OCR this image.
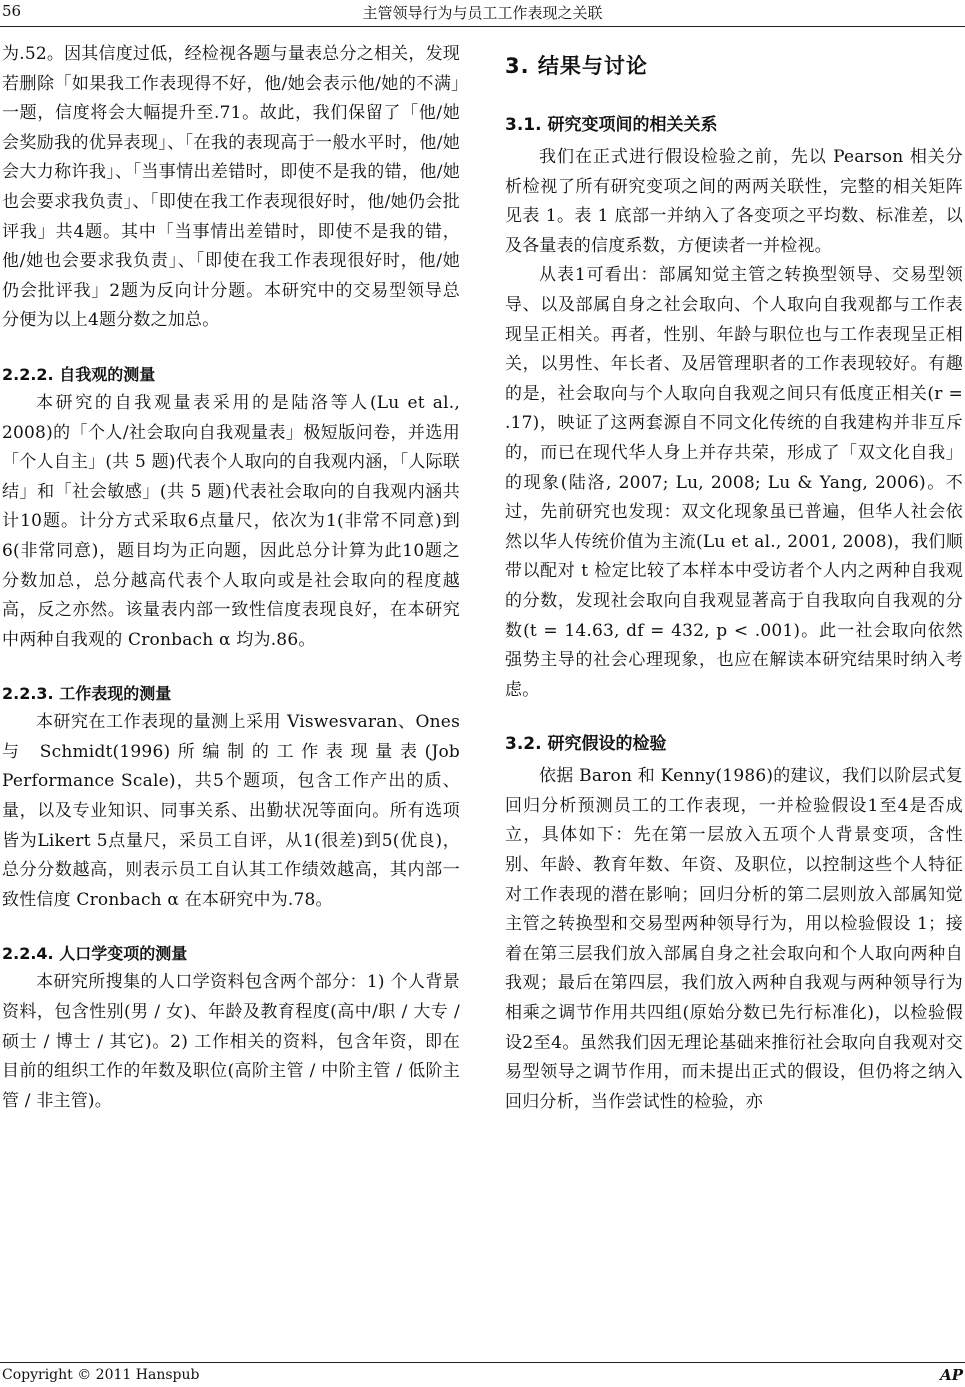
56	主管领导行为与员工工作表现之关联

为.52。因其信度过低，经检视各题与量表总分之相关，发现若删除「如果我工作表现得不好，他/她会表示他/她的不满」一题，信度将会大幅提升至.71。故此，我们保留了「他/她会奖励我的优异表现」、「在我的表现高于一般水平时，他/她会大力称许我」、「当事情出差错时，即使不是我的错，他/她也会要求我负责」、「即使在我工作表现很好时，他/她仍会批评我」共4题。其中「当事情出差错时，即使不是我的错，他/她也会要求我负责」、「即使在我工作表现很好时，他/她仍会批评我」2题为反向计分题。本研究中的交易型领导总分便为以上4题分数之加总。

2.2.2. 自我观的测量

本研究的自我观量表采用的是陆洛等人(Lu et al., 2008)的「个人/社会取向自我观量表」极短版问卷，并选用「个人自主」(共 5 题)代表个人取向的自我观内涵，「人际联结」和「社会敏感」(共 5 题)代表社会取向的自我观内涵共计10题。计分方式采取6点量尺，依次为1(非常不同意)到 6(非常同意)，题目均为正向题，因此总分计算为此10题之分数加总，总分越高代表个人取向或是社会取向的程度越高，反之亦然。该量表内部一致性信度表现良好，在本研究中两种自我观的 Cronbach α 均为.86。

2.2.3. 工作表现的测量

本研究在工作表现的量测上采用 Viswesvaran、Ones 与 Schmidt(1996)所编制的工作表现量表(Job Performance Scale)，共5个题项，包含工作产出的质、量，以及专业知识、同事关系、出勤状况等面向。所有选项皆为Likert 5点量尺，采员工自评，从1(很差)到5(优良)，总分分数越高，则表示员工自认其工作绩效越高，其内部一致性信度 Cronbach α 在本研究中为.78。

2.2.4. 人口学变项的测量

本研究所搜集的人口学资料包含两个部分：1) 个人背景资料，包含性别(男 / 女)、年龄及教育程度(高中/职 / 大专 / 硕士 / 博士 / 其它)。2) 工作相关的资料，包含年资，即在目前的组织工作的年数及职位(高阶主管 / 中阶主管 / 低阶主管 / 非主管)。

3. 结果与讨论
3.1. 研究变项间的相关关系

我们在正式进行假设检验之前，先以 Pearson 相关分析检视了所有研究变项之间的两两关联性，完整的相关矩阵见表 1。表 1 底部一并纳入了各变项之平均数、标准差，以及各量表的信度系数，方便读者一并检视。

从表1可看出：部属知觉主管之转换型领导、交易型领导、以及部属自身之社会取向、个人取向自我观都与工作表现呈正相关。再者，性别、年龄与职位也与工作表现呈正相关，以男性、年长者、及居管理职者的工作表现较好。有趣的是，社会取向与个人取向自我观之间只有低度正相关(r = .17)，映证了这两套源自不同文化传统的自我建构并非互斥的，而已在现代华人身上并存共荣，形成了「双文化自我」的现象(陆洛, 2007; Lu, 2008; Lu & Yang, 2006)。不过，先前研究也发现：双文化现象虽已普遍，但华人社会依然以华人传统价值为主流(Lu et al., 2001, 2008)，我们顺带以配对 t 检定比较了本样本中受访者个人内之两种自我观的分数，发现社会取向自我观显著高于自我取向自我观的分数(t = 14.63, df = 432, p < .001)。此一社会取向依然强势主导的社会心理现象，也应在解读本研究结果时纳入考虑。

3.2. 研究假设的检验

依据 Baron 和 Kenny(1986)的建议，我们以阶层式复回归分析预测员工的工作表现，一并检验假设1至4是否成立，具体如下：先在第一层放入五项个人背景变项，含性别、年龄、教育年数、年资、及职位，以控制这些个人特征对工作表现的潜在影响；回归分析的第二层则放入部属知觉主管之转换型和交易型两种领导行为，用以检验假设 1；接着在第三层我们放入部属自身之社会取向和个人取向两种自我观；最后在第四层，我们放入两种自我观与两种领导行为相乘之调节作用共四组(原始分数已先行标准化)，以检验假设2至4。虽然我们因无理论基础来推衍社会取向自我观对交易型领导之调节作用，而未提出正式的假设，但仍将之纳入回归分析，当作尝试性的检验，亦

Copyright © 2011 Hanspub	AP
